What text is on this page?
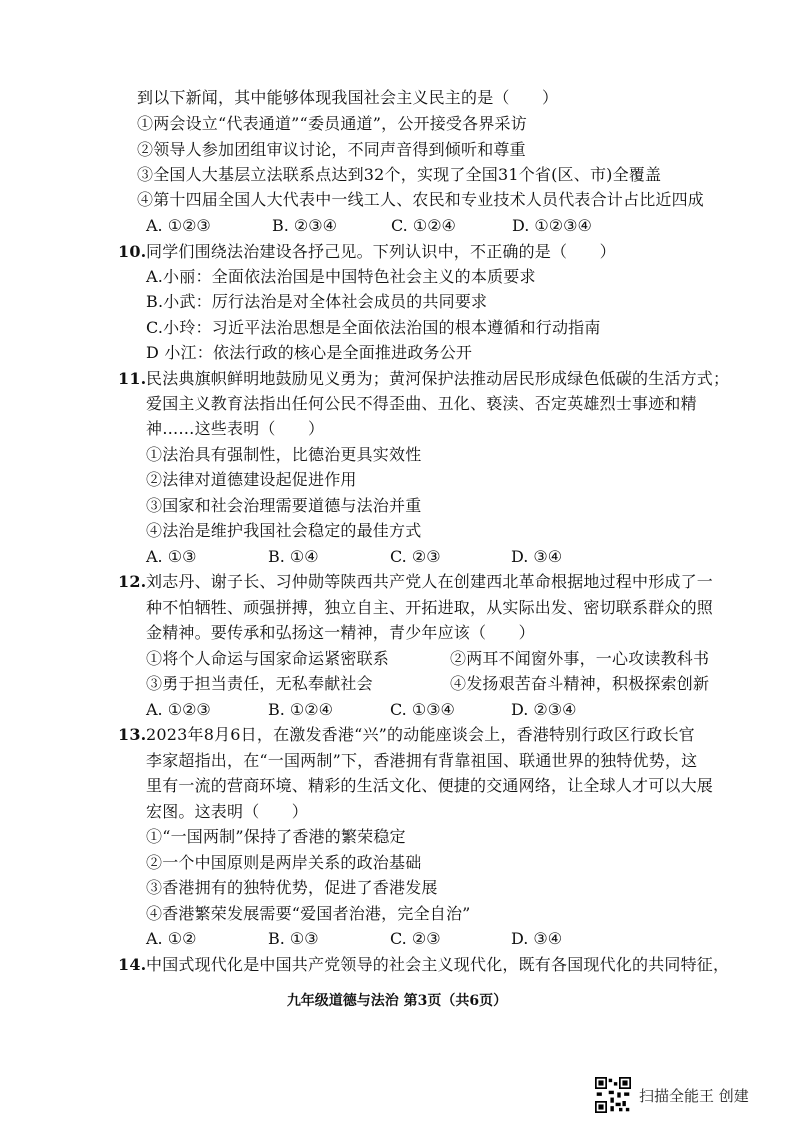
到以下新闻，其中能够体现我国社会主义民主的是（　　）
①两会设立“代表通道”“委员通道”，公开接受各界采访
②领导人参加团组审议讨论，不同声音得到倾听和尊重
③全国人大基层立法联系点达到32个，实现了全国31个省(区、市)全覆盖
④第十四届全国人大代表中一线工人、农民和专业技术人员代表合计占比近四成
A. ①②③	B. ②③④	C. ①②④	D. ①②③④
10. 同学们围绕法治建设各抒己见。下列认识中，不正确的是（　　）
A.小丽：全面依法治国是中国特色社会主义的本质要求
B.小武：厉行法治是对全体社会成员的共同要求
C.小玲：习近平法治思想是全面依法治国的根本遵循和行动指南
D 小江：依法行政的核心是全面推进政务公开
11. 民法典旗帜鲜明地鼓励见义勇为；黄河保护法推动居民形成绿色低碳的生活方式；
爱国主义教育法指出任何公民不得歪曲、丑化、亵渎、否定英雄烈士事迹和精
神……这些表明（　　）
①法治具有强制性，比德治更具实效性
②法律对道德建设起促进作用
③国家和社会治理需要道德与法治并重
④法治是维护我国社会稳定的最佳方式
A. ①③	B. ①④	C. ②③	D. ③④
12. 刘志丹、谢子长、习仲勋等陕西共产党人在创建西北革命根据地过程中形成了一
种不怕牺牲、顽强拼搏，独立自主、开拓进取，从实际出发、密切联系群众的照
金精神。要传承和弘扬这一精神，青少年应该（　　）
①将个人命运与国家命运紧密联系	②两耳不闻窗外事，一心攻读教科书
③勇于担当责任，无私奉献社会	④发扬艰苦奋斗精神，积极探索创新
A. ①②③	B. ①②④	C. ①③④	D. ②③④
13. 2023年8月6日，在激发香港“兴”的动能座谈会上，香港特别行政区行政长官
李家超指出，在“一国两制”下，香港拥有背靠祖国、联通世界的独特优势，这
里有一流的营商环境、精彩的生活文化、便捷的交通网络，让全球人才可以大展
宏图。这表明（　　）
①“一国两制”保持了香港的繁荣稳定
②一个中国原则是两岸关系的政治基础
③香港拥有的独特优势，促进了香港发展
④香港繁荣发展需要“爱国者治港，完全自治”
A. ①②	B. ①③	C. ②③	D. ③④
14. 中国式现代化是中国共产党领导的社会主义现代化，既有各国现代化的共同特征，
九年级道德与法治 第3页（共6页）
扫描全能王 创建
